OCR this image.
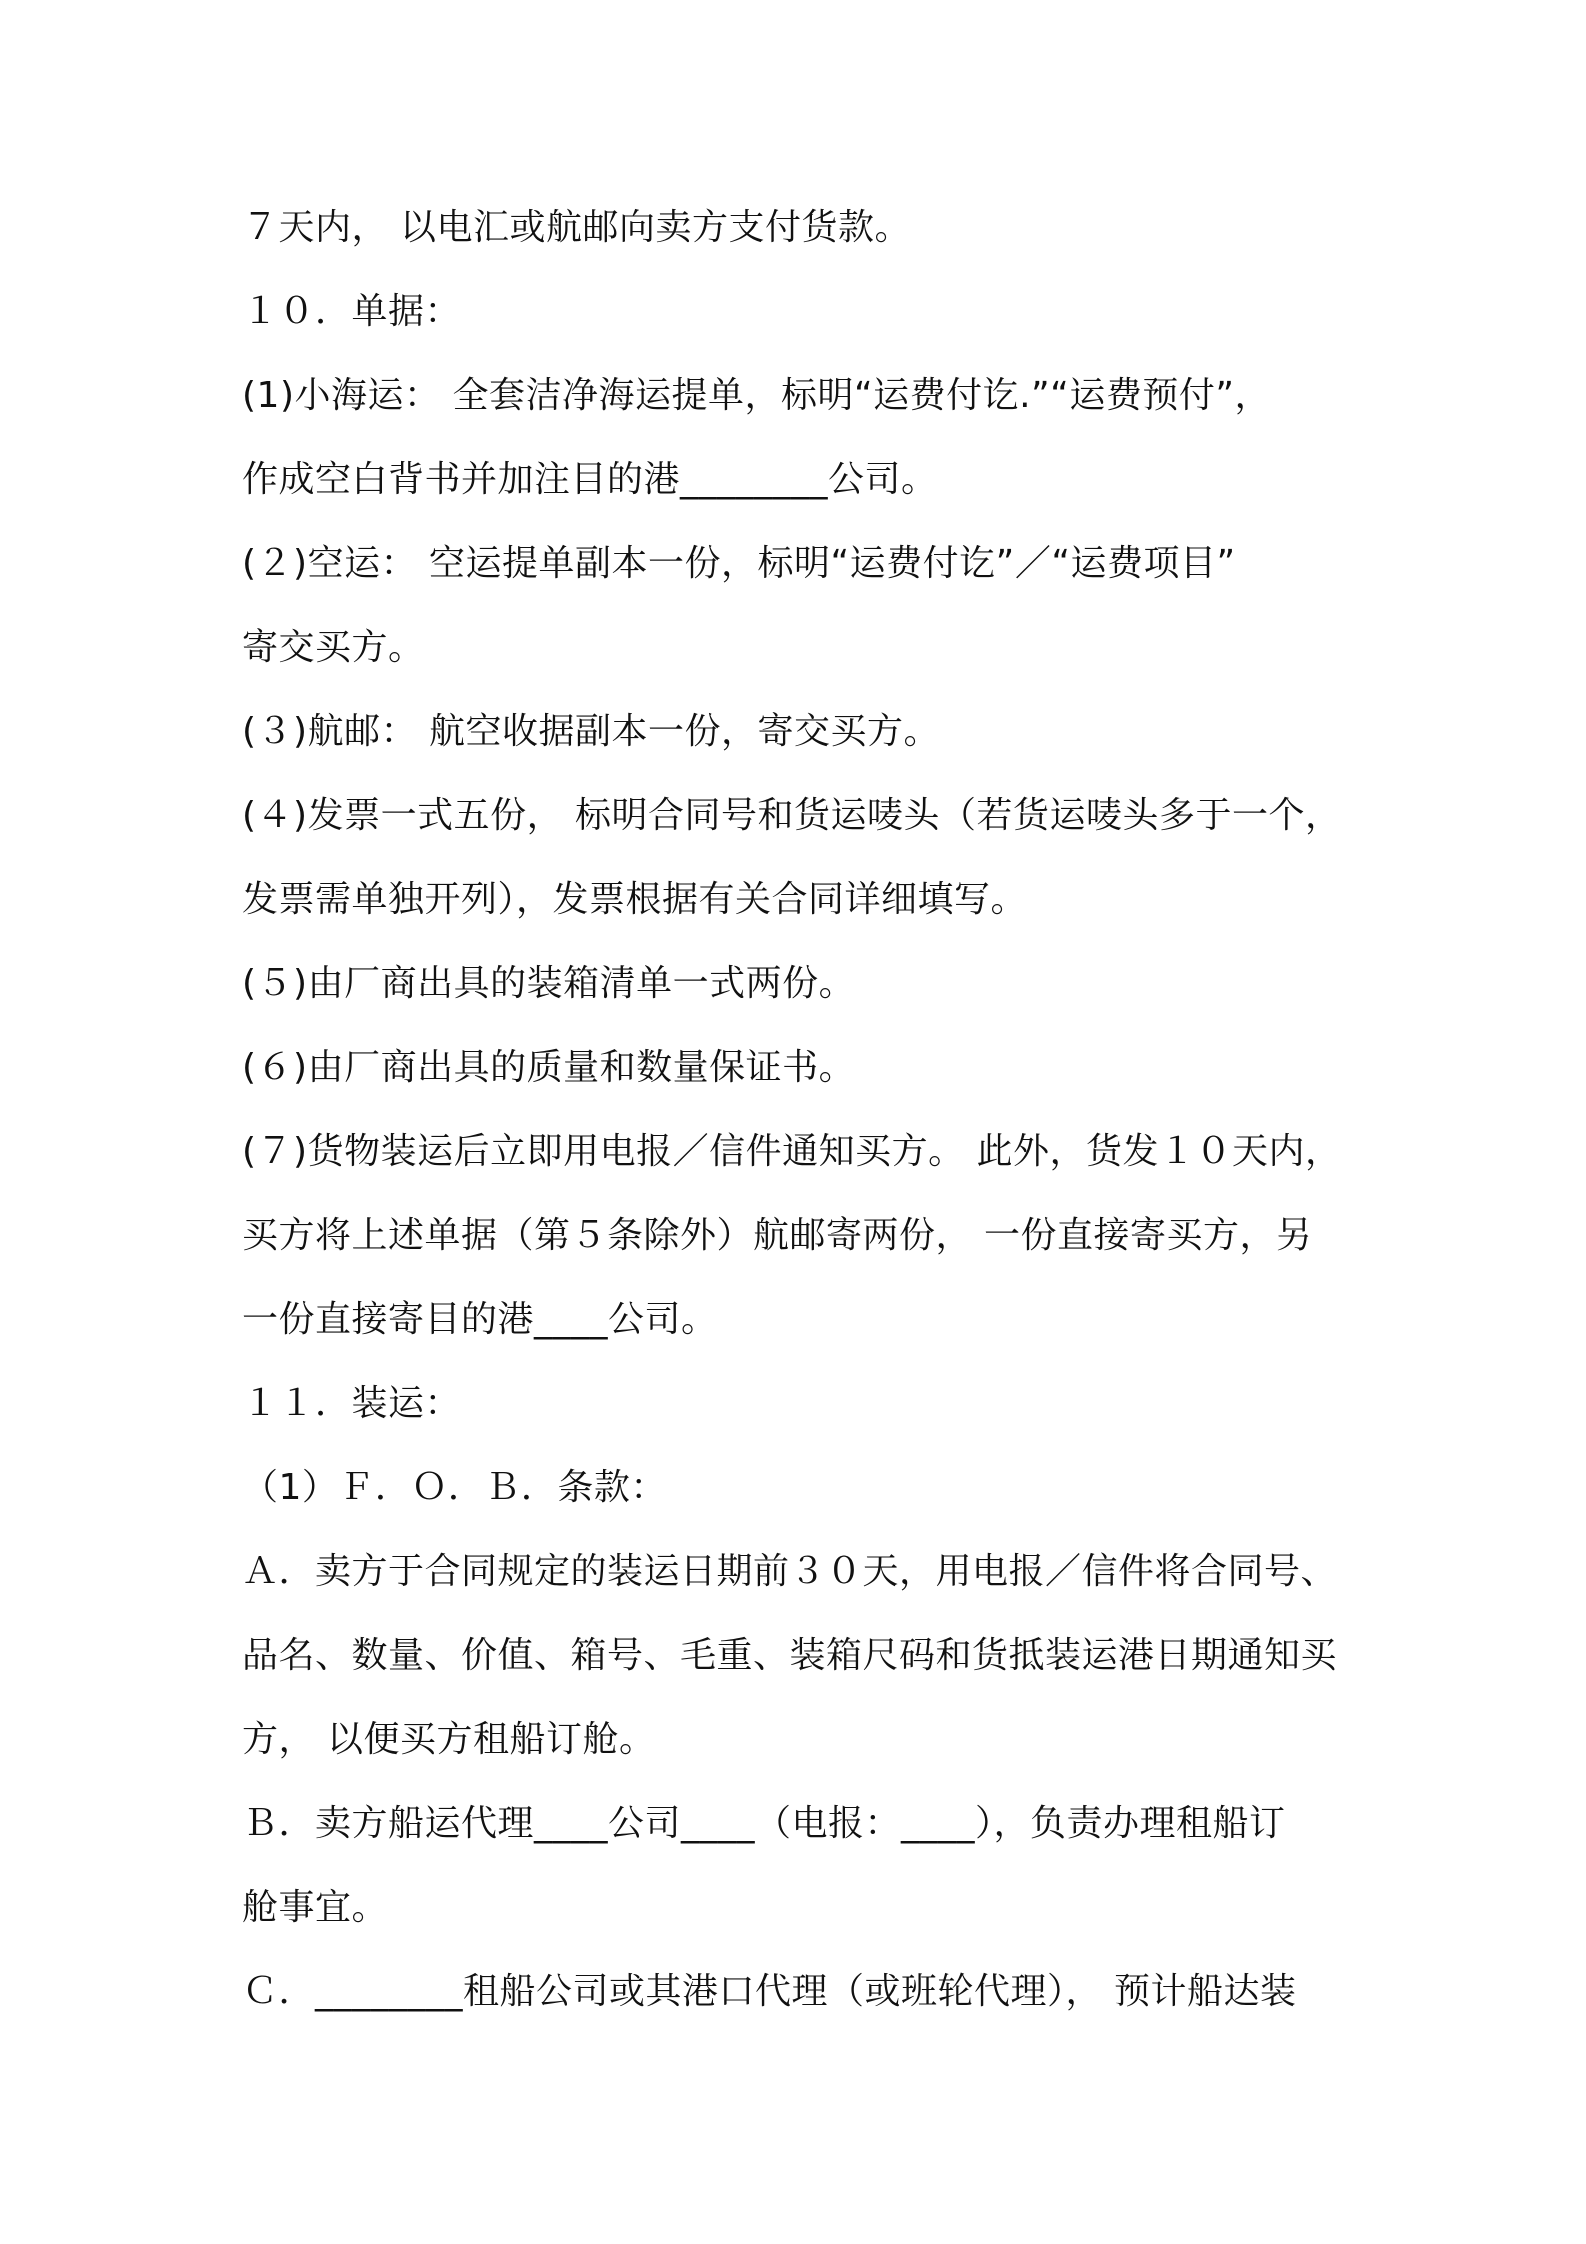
７天内， 以电汇或航邮向卖方支付货款。
１０．单据：
(1)小海运： 全套洁净海运提单，标明“运费付讫.”“运费预付”，
作成空白背书并加注目的港________公司。
(２)空运： 空运提单副本一份，标明“运费付讫”／“运费项目”
寄交买方。
(３)航邮： 航空收据副本一份，寄交买方。
(４)发票一式五份， 标明合同号和货运唛头（若货运唛头多于一个，
发票需单独开列），发票根据有关合同详细填写。
(５)由厂商出具的装箱清单一式两份。
(６)由厂商出具的质量和数量保证书。
(７)货物装运后立即用电报／信件通知买方。 此外，货发１０天内，
买方将上述单据（第５条除外）航邮寄两份， 一份直接寄买方，另
一份直接寄目的港____公司。
１１．装运：
（1）Ｆ．Ｏ．Ｂ．条款：
Ａ．卖方于合同规定的装运日期前３０天，用电报／信件将合同号、
品名、数量、价值、箱号、毛重、装箱尺码和货抵装运港日期通知买
方， 以便买方租船订舱。
Ｂ．卖方船运代理____公司____（电报：____），负责办理租船订
舱事宜。
Ｃ．________租船公司或其港口代理（或班轮代理）， 预计船达装
